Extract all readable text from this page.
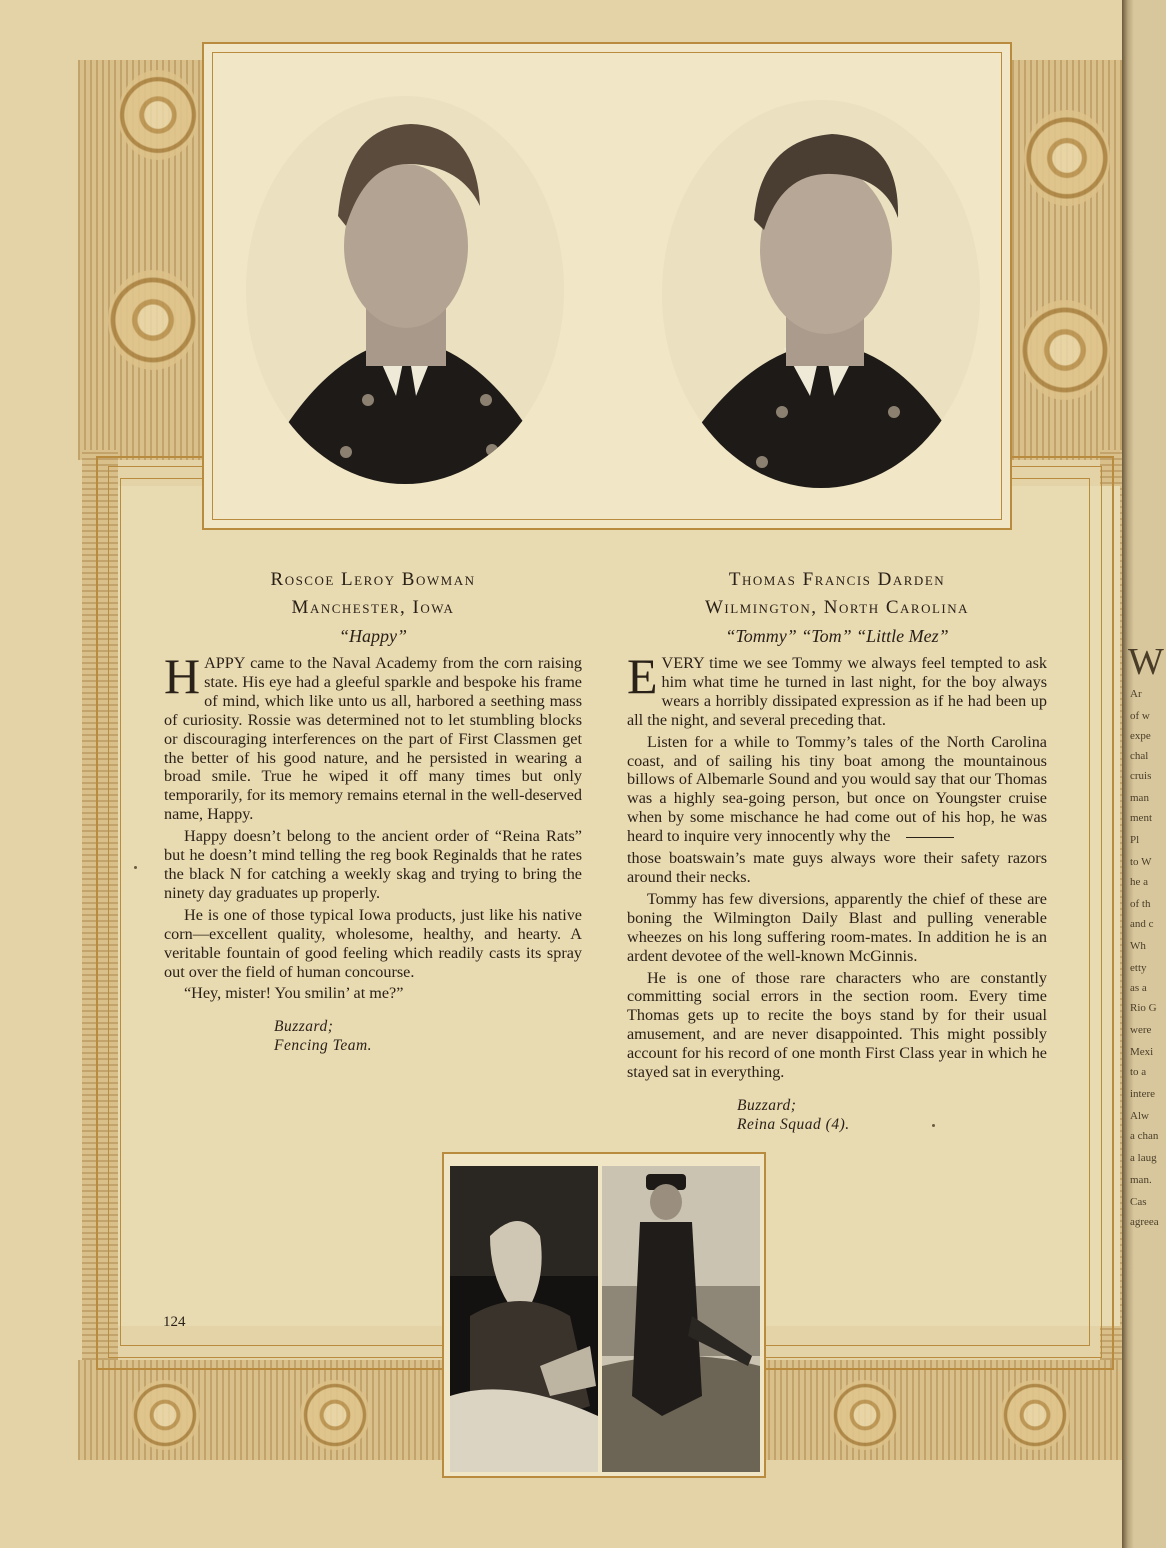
W
Ar
of w
expe
chal
cruis
man
ment
Pl
to W
he a
of th
and c
Wh
etty
as a
Rio G
were
Mexi
to a
intere
Alw
a chan
a laug
man.
Cas
agreea

Roscoe Leroy Bowman

Manchester, Iowa

“Happy”

HAPPY came to the Naval Academy from the corn raising state. His eye had a gleeful sparkle and bespoke his frame of mind, which like unto us all, harbored a seething mass of curiosity. Rossie was determined not to let stumbling blocks or discouraging interferences on the part of First Classmen get the better of his good nature, and he persisted in wearing a broad smile. True he wiped it off many times but only temporarily, for its memory remains eternal in the well-deserved name, Happy.

Happy doesn’t belong to the ancient order of “Reina Rats” but he doesn’t mind telling the reg book Reginalds that he rates the black N for catching a weekly skag and trying to bring the ninety day graduates up properly.

He is one of those typical Iowa products, just like his native corn—excellent quality, wholesome, healthy, and hearty. A veritable fountain of good feeling which readily casts its spray out over the field of human concourse.

“Hey, mister! You smilin’ at me?”

Buzzard;
Fencing Team.

Thomas Francis Darden

Wilmington, North Carolina

“Tommy” “Tom” “Little Mez”

EVERY time we see Tommy we always feel tempted to ask him what time he turned in last night, for the boy always wears a horribly dissipated expression as if he had been up all the night, and several preceding that.

Listen for a while to Tommy’s tales of the North Carolina coast, and of sailing his tiny boat among the mountainous billows of Albemarle Sound and you would say that our Thomas was a highly sea-going person, but once on Youngster cruise when by some mischance he had come out of his hop, he was heard to inquire very innocently why the

those boatswain’s mate guys always wore their safety razors around their necks.

Tommy has few diversions, apparently the chief of these are boning the Wilmington Daily Blast and pulling venerable wheezes on his long suffering room-mates. In addition he is an ardent devotee of the well-known McGinnis.

He is one of those rare characters who are constantly committing social errors in the section room. Every time Thomas gets up to recite the boys stand by for their usual amusement, and are never disappointed. This might possibly account for his record of one month First Class year in which he stayed sat in everything.

Buzzard;
Reina Squad (4).
124
